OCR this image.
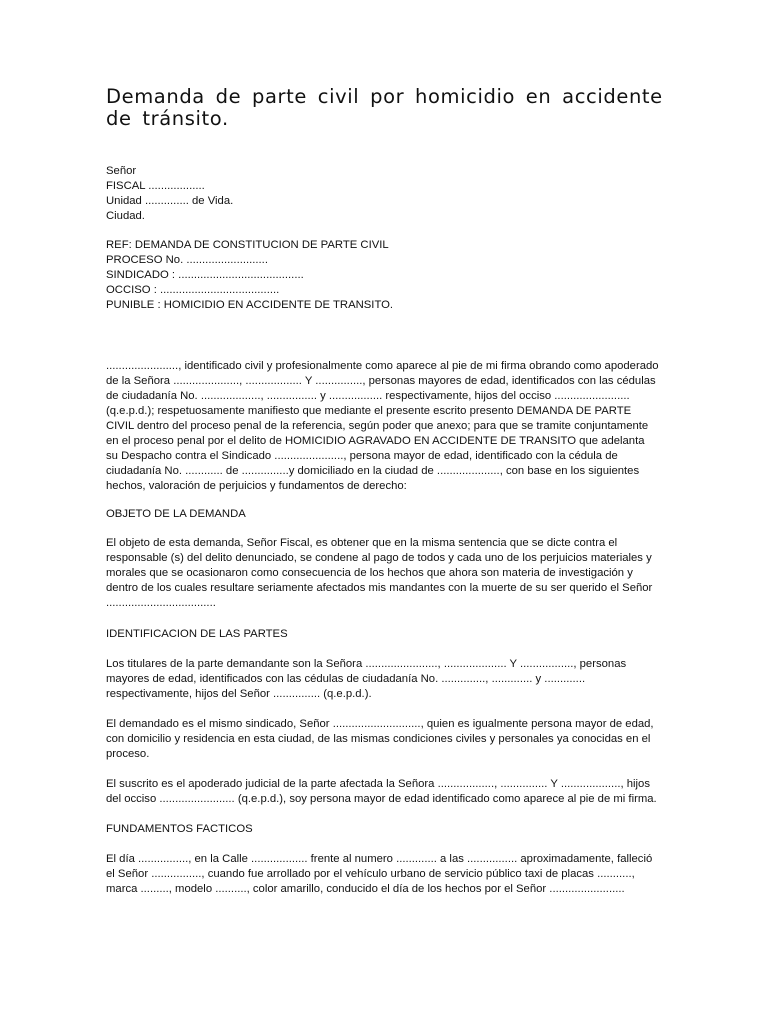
Demanda de parte civil por homicidio en accidente de tránsito.
Señor
FISCAL ..................
Unidad .............. de Vida.
Ciudad.
REF: DEMANDA DE CONSTITUCION DE PARTE CIVIL
PROCESO No. ..........................
SINDICADO : ........................................
OCCISO : ......................................
PUNIBLE : HOMICIDIO EN ACCIDENTE DE TRANSITO.
......................., identificado civil y profesionalmente como aparece al pie de mi firma obrando como apoderado
de la Señora ....................., .................. Y ..............., personas mayores de edad, identificados con las cédulas
de ciudadanía No. ..................., ................ y ................. respectivamente, hijos del occiso ........................
(q.e.p.d.); respetuosamente manifiesto que mediante el presente escrito presento DEMANDA DE PARTE
CIVIL dentro del proceso penal de la referencia, según poder que anexo; para que se tramite conjuntamente
en el proceso penal por el delito de HOMICIDIO AGRAVADO EN ACCIDENTE DE TRANSITO que adelanta
su Despacho contra el Sindicado ......................, persona mayor de edad, identificado con la cédula de
ciudadanía No. ............ de ...............y domiciliado en la ciudad de ...................., con base en los siguientes
hechos, valoración de perjuicios y fundamentos de derecho:
OBJETO DE LA DEMANDA
El objeto de esta demanda, Señor Fiscal, es obtener que en la misma sentencia que se dicte contra el
responsable (s) del delito denunciado, se condene al pago de todos y cada uno de los perjuicios materiales y
morales que se ocasionaron como consecuencia de los hechos que ahora son materia de investigación y
dentro de los cuales resultare seriamente afectados mis mandantes con la muerte de su ser querido el Señor
...................................
IDENTIFICACION DE LAS PARTES
Los titulares de la parte demandante son la Señora ......................., .................... Y ................., personas
mayores de edad, identificados con las cédulas de ciudadanía No. .............., ............. y .............
respectivamente, hijos del Señor ............... (q.e.p.d.).
El demandado es el mismo sindicado, Señor ............................, quien es igualmente persona mayor de edad,
con domicilio y residencia en esta ciudad, de las mismas condiciones civiles y personales ya conocidas en el
proceso.
El suscrito es el apoderado judicial de la parte afectada la Señora .................., ............... Y ..................., hijos
del occiso ........................ (q.e.p.d.), soy persona mayor de edad identificado como aparece al pie de mi firma.
FUNDAMENTOS FACTICOS
El día ................, en la Calle .................. frente al numero ............. a las ................ aproximadamente, falleció
el Señor ................, cuando fue arrollado por el vehículo urbano de servicio público taxi de placas ...........,
marca ........., modelo .........., color amarillo, conducido el día de los hechos por el Señor ........................
